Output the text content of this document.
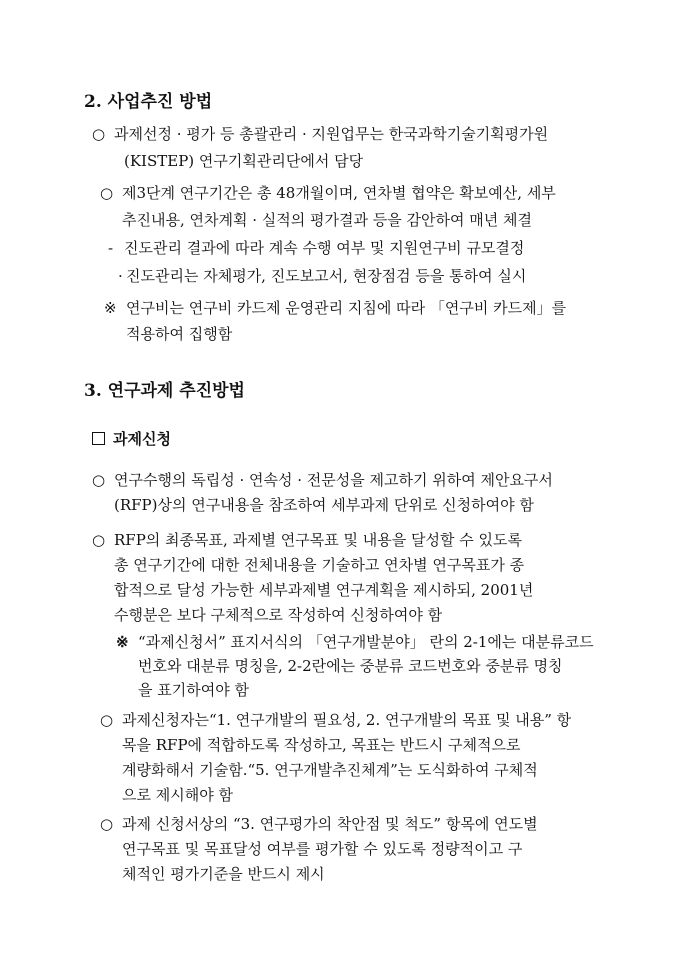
2. 사업추진 방법
○ 과제선정 · 평가 등 총괄관리 · 지원업무는 한국과학기술기획평가원
(KISTEP) 연구기획관리단에서 담당
○ 제3단계 연구기간은 총 48개월이며, 연차별 협약은 확보예산, 세부
추진내용, 연차계획 · 실적의 평가결과 등을 감안하여 매년 체결
- 진도관리 결과에 따라 계속 수행 여부 및 지원연구비 규모결정
· 진도관리는 자체평가, 진도보고서, 현장점검 등을 통하여 실시
※ 연구비는 연구비 카드제 운영관리 지침에 따라 「연구비 카드제」를
적용하여 집행함
3. 연구과제 추진방법
과제신청
○ 연구수행의 독립성 · 연속성 · 전문성을 제고하기 위하여 제안요구서
(RFP)상의 연구내용을 참조하여 세부과제 단위로 신청하여야 함
○ RFP의 최종목표, 과제별 연구목표 및 내용을 달성할 수 있도록
총 연구기간에 대한 전체내용을 기술하고 연차별 연구목표가 종
합적으로 달성 가능한 세부과제별 연구계획을 제시하되, 2001년
수행분은 보다 구체적으로 작성하여 신청하여야 함
※ “과제신청서” 표지서식의 「연구개발분야」 란의 2-1에는 대분류코드
번호와 대분류 명칭을, 2-2란에는 중분류 코드번호와 중분류 명칭
을 표기하여야 함
○ 과제신청자는“1. 연구개발의 필요성, 2. 연구개발의 목표 및 내용” 항
목을 RFP에 적합하도록 작성하고, 목표는 반드시 구체적으로
계량화해서 기술함.“5. 연구개발추진체계”는 도식화하여 구체적
으로 제시해야 함
○ 과제 신청서상의 “3. 연구평가의 착안점 및 척도” 항목에 연도별
연구목표 및 목표달성 여부를 평가할 수 있도록 정량적이고 구
체적인 평가기준을 반드시 제시
